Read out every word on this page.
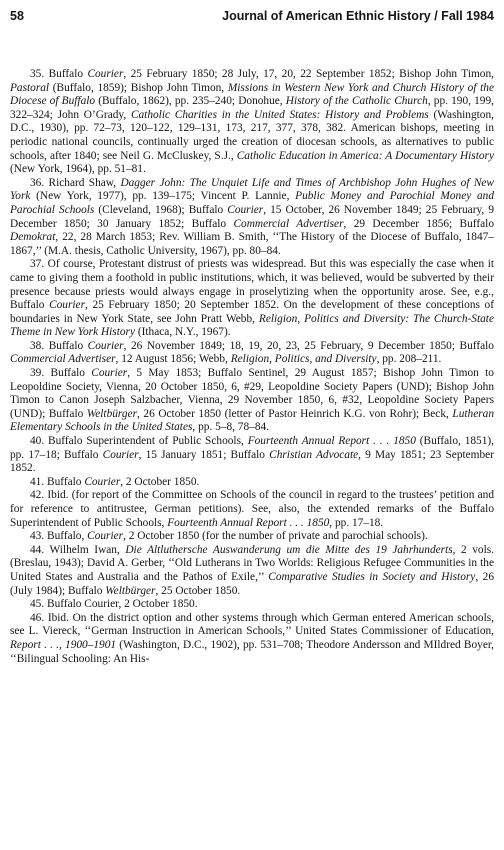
58	Journal of American Ethnic History / Fall 1984

35. Buffalo Courier, 25 February 1850; 28 July, 17, 20, 22 September 1852; Bishop John Timon, Pastoral (Buffalo, 1859); Bishop John Timon, Missions in Western New York and Church History of the Diocese of Buffalo (Buffalo, 1862), pp. 235–240; Donohue, History of the Catholic Church, pp. 190, 199, 322–324; John O’Grady, Catholic Charities in the United States: History and Problems (Washington, D.C., 1930), pp. 72–73, 120–122, 129–131, 173, 217, 377, 378, 382. American bishops, meeting in periodic national councils, continually urged the creation of diocesan schools, as alternatives to public schools, after 1840; see Neil G. McCluskey, S.J., Catholic Education in America: A Documentary History (New York, 1964), pp. 51–81.

36. Richard Shaw, Dagger John: The Unquiet Life and Times of Archbishop John Hughes of New York (New York, 1977), pp. 139–175; Vincent P. Lannie, Public Money and Parochial Money and Parochial Schools (Cleveland, 1968); Buffalo Courier, 15 October, 26 November 1849; 25 February, 9 December 1850; 30 January 1852; Buffalo Commercial Advertiser, 29 December 1856; Buffalo Demokrat, 22, 28 March 1853; Rev. William B. Smith, ‘‘The History of the Diocese of Buffalo, 1847–1867,’’ (M.A. thesis, Catholic University, 1967), pp. 80–84.

37. Of course, Protestant distrust of priests was widespread. But this was especially the case when it came to giving them a foothold in public institutions, which, it was believed, would be subverted by their presence because priests would always engage in proselytizing when the opportunity arose. See, e.g., Buffalo Courier, 25 February 1850; 20 September 1852. On the development of these conceptions of boundaries in New York State, see John Pratt Webb, Religion, Politics and Diversity: The Church-State Theme in New York History (Ithaca, N.Y., 1967).

38. Buffalo Courier, 26 November 1849; 18, 19, 20, 23, 25 February, 9 December 1850; Buffalo Commercial Advertiser, 12 August 1856; Webb, Religion, Politics, and Diversity, pp. 208–211.

39. Buffalo Courier, 5 May 1853; Buffalo Sentinel, 29 August 1857; Bishop John Timon to Leopoldine Society, Vienna, 20 October 1850, 6, #29, Leopoldine Society Papers (UND); Bishop John Timon to Canon Joseph Salzbacher, Vienna, 29 November 1850, 6, #32, Leopoldine Society Papers (UND); Buffalo Weltbürger, 26 October 1850 (letter of Pastor Heinrich K.G. von Rohr); Beck, Lutheran Elementary Schools in the United States, pp. 5–8, 78–84.

40. Buffalo Superintendent of Public Schools, Fourteenth Annual Report . . . 1850 (Buffalo, 1851), pp. 17–18; Buffalo Courier, 15 January 1851; Buffalo Christian Advocate, 9 May 1851; 23 September 1852.

41. Buffalo Courier, 2 October 1850.

42. Ibid. (for report of the Committee on Schools of the council in regard to the trustees’ petition and for reference to antitrustee, German petitions). See, also, the extended remarks of the Buffalo Superintendent of Public Schools, Fourteenth Annual Report . . . 1850, pp. 17–18.

43. Buffalo, Courier, 2 October 1850 (for the number of private and parochial schools).

44. Wilhelm Iwan, Die Altluthersche Auswanderung um die Mitte des 19 Jahrhunderts, 2 vols. (Breslau, 1943); David A. Gerber, ‘‘Old Lutherans in Two Worlds: Religious Refugee Communities in the United States and Australia and the Pathos of Exile,’’ Comparative Studies in Society and History, 26 (July 1984); Buffalo Weltbürger, 25 October 1850.

45. Buffalo Courier, 2 October 1850.

46. Ibid. On the district option and other systems through which German entered American schools, see L. Viereck, ‘‘German Instruction in American Schools,’’ United States Commissioner of Education, Report . . ., 1900–1901 (Washington, D.C., 1902), pp. 531–708; Theodore Andersson and MIldred Boyer, ‘‘Bilingual Schooling: An His-
